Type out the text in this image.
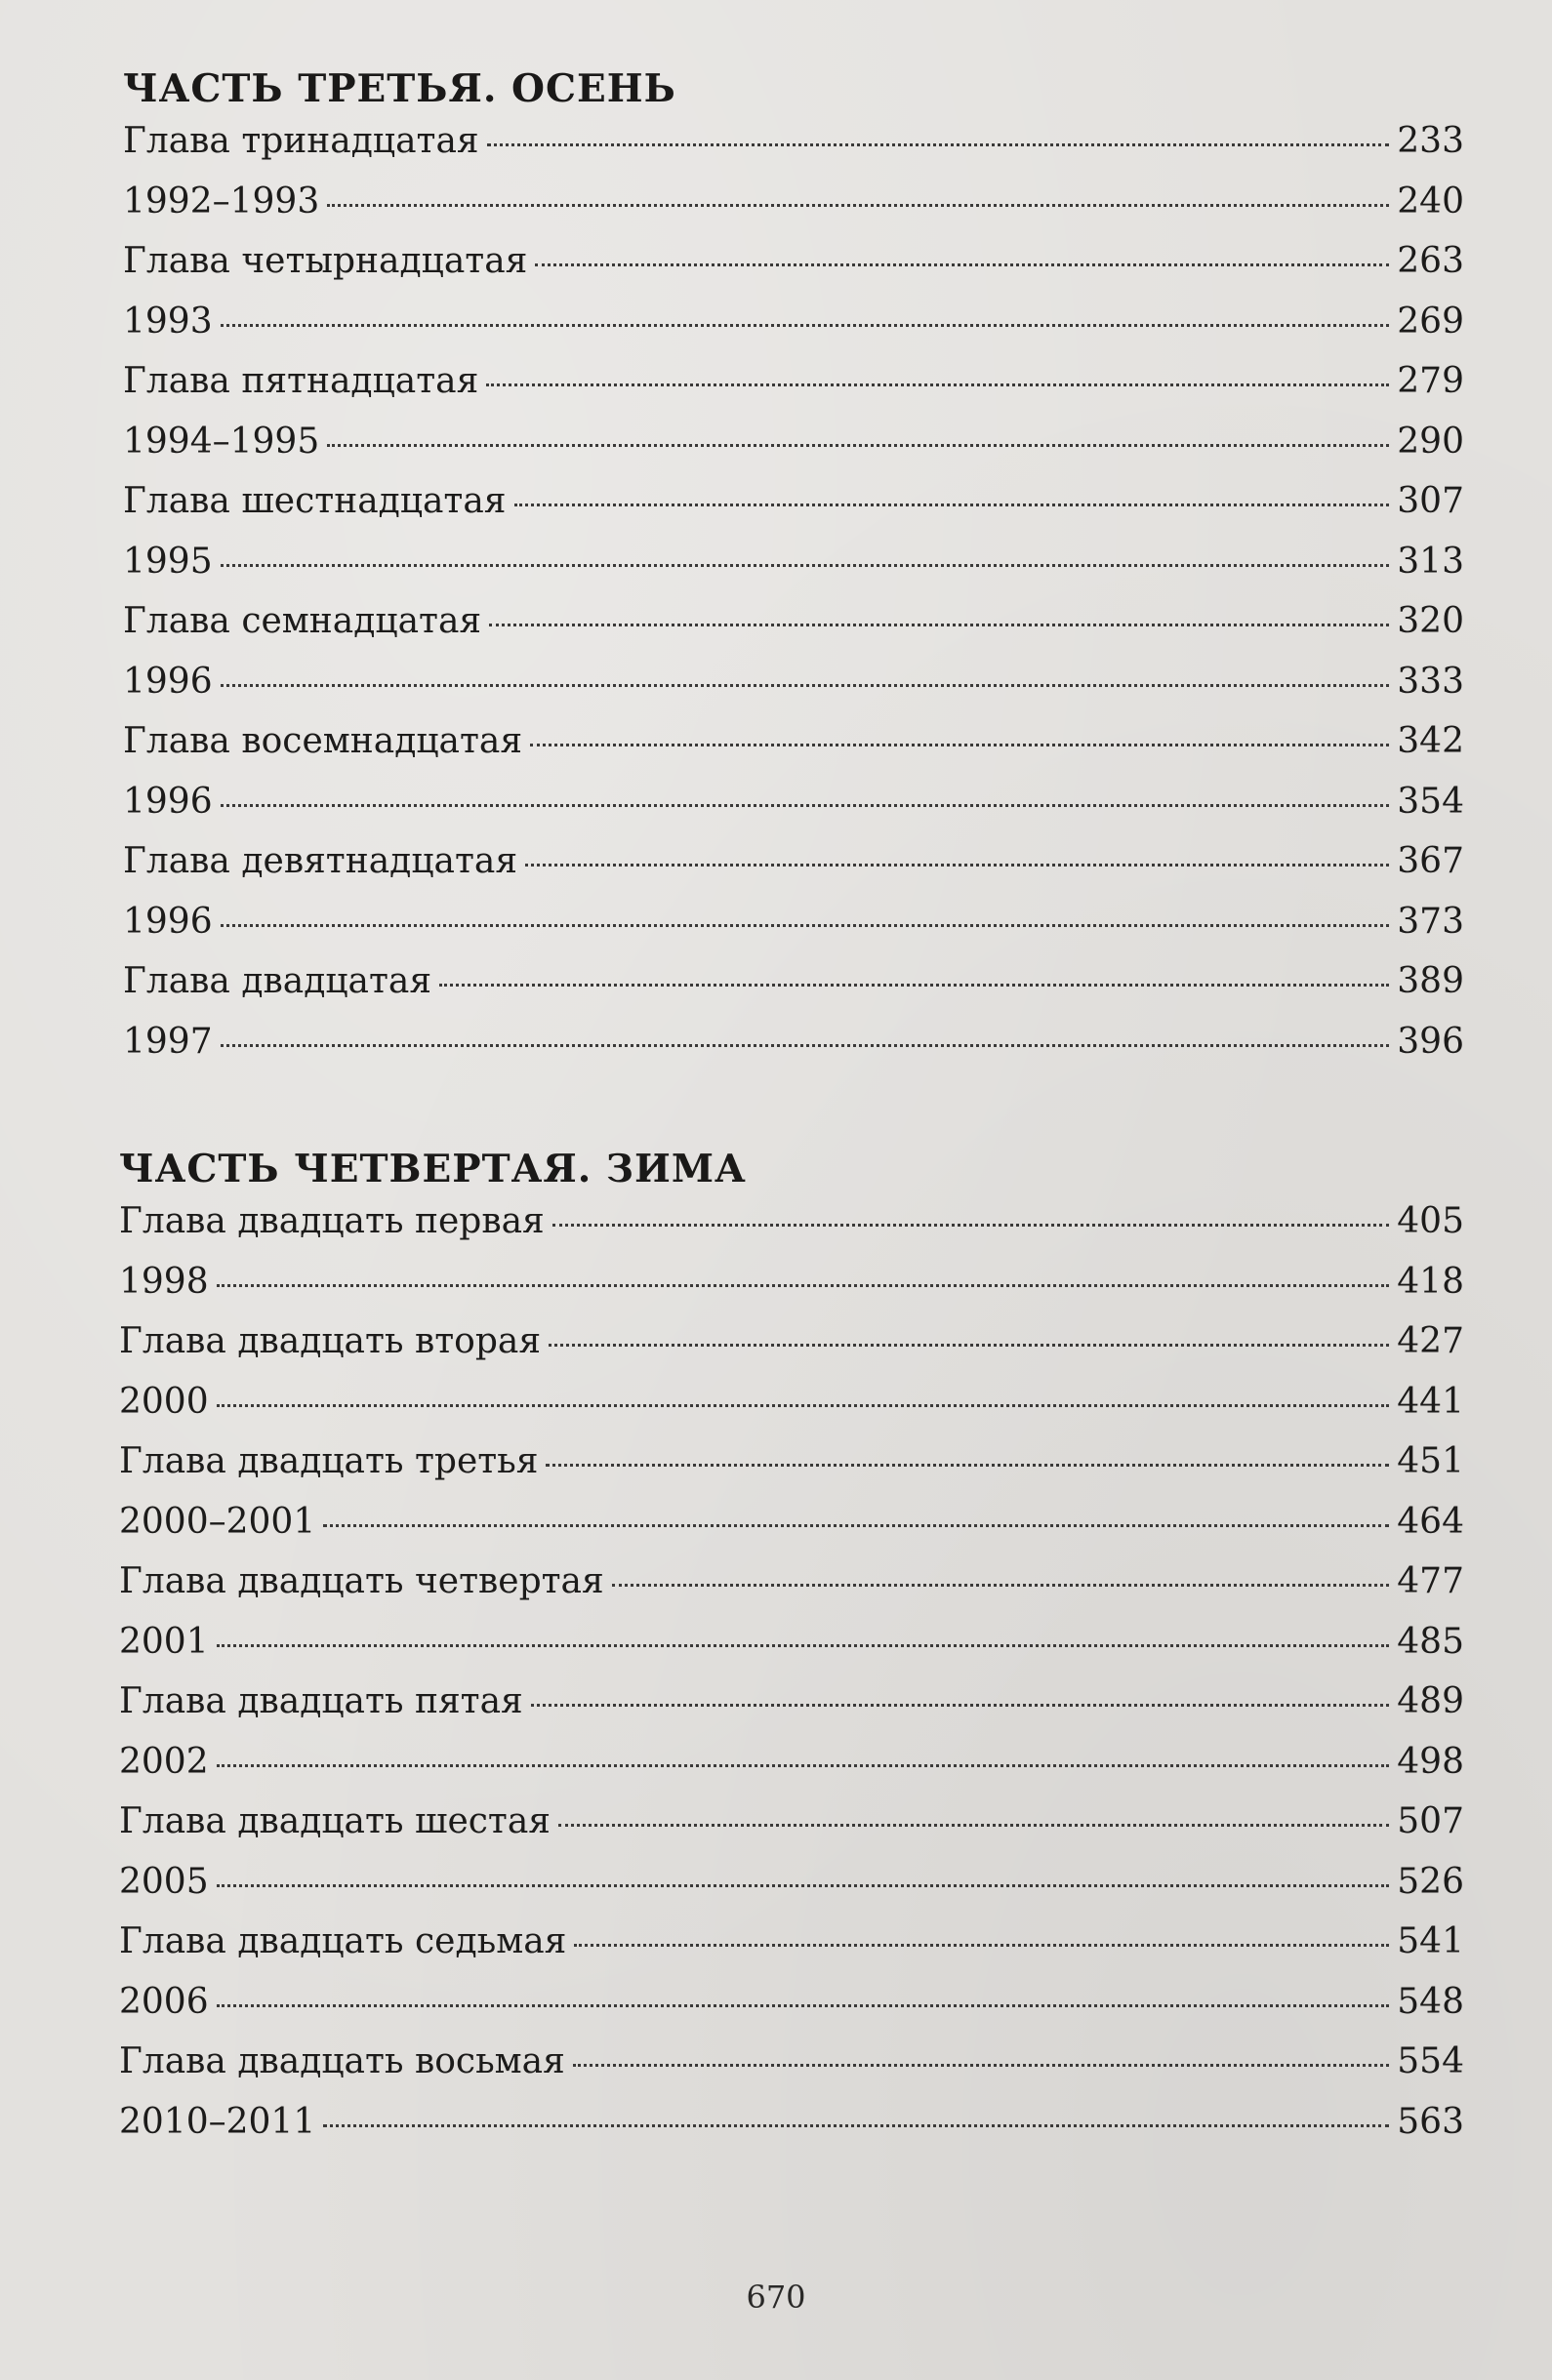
ЧАСТЬ ТРЕТЬЯ. ОСЕНЬ
Глава тринадцатая	233
1992–1993	240
Глава четырнадцатая	263
1993	269
Глава пятнадцатая	279
1994–1995	290
Глава шестнадцатая	307
1995	313
Глава семнадцатая	320
1996	333
Глава восемнадцатая	342
1996	354
Глава девятнадцатая	367
1996	373
Глава двадцатая	389
1997	396
ЧАСТЬ ЧЕТВЕРТАЯ. ЗИМА
Глава двадцать первая	405
1998	418
Глава двадцать вторая	427
2000	441
Глава двадцать третья	451
2000–2001	464
Глава двадцать четвертая	477
2001	485
Глава двадцать пятая	489
2002	498
Глава двадцать шестая	507
2005	526
Глава двадцать седьмая	541
2006	548
Глава двадцать восьмая	554
2010–2011	563
670
